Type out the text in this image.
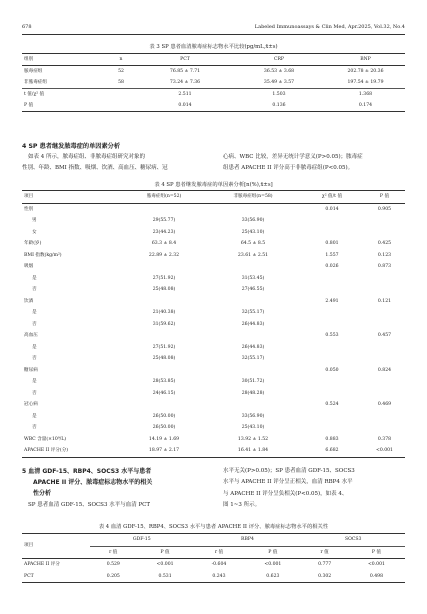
678	Labeled Immunoassays & Clin Med, Apr.2025, Vol.32, No.4
表 3 SP 患者血清脓毒症标志物水平比较(pg/mL,x̄±s)
组别	n	PCT	CRP	BNP
脓毒症组	52	76.85 ± 7.71	36.53 ± 3.68	202.78 ± 20.36
非脓毒症组	58	73.24 ± 7.36	35.49 ± 3.57	197.54 ± 19.79
t 值/χ² 值		2.511	1.503	1.368
P 值		0.014	0.136	0.174
4 SP 患者继发脓毒症的单因素分析
如表 4 所示，脓毒症组、非脓毒症组研究对象的
性别、年龄、BMI 指数、吸烟、饮酒、高血压、糖尿病、冠
心病、WBC 比较，差异无统计学意义(P>0.05)；脓毒症
组患者 APACHE II 评分高于非脓毒症组(P<0.05)。
表 4 SP 患者继发脓毒症的单因素分析[n(%),x̄±s]
项目	脓毒症组(n=52)	非脓毒症组(n=58)	χ² 值/t 值	P 值
性别			0.014	0.905
男	29(55.77)	33(56.90)		
女	23(44.23)	25(43.10)		
年龄(岁)	63.3 ± 8.4	64.5 ± 8.5	0.801	0.425
BMI 指数(kg/m²)	22.89 ± 2.32	23.61 ± 2.51	1.557	0.123
吸烟			0.026	0.873
是	27(51.92)	31(53.45)		
否	25(48.08)	27(46.55)		
饮酒			2.491	0.121
是	21(40.38)	32(55.17)		
否	31(59.62)	26(44.83)		
高血压			0.553	0.457
是	27(51.92)	26(44.83)		
否	25(48.08)	32(55.17)		
糖尿病			0.050	0.824
是	28(53.85)	30(51.72)		
否	24(46.15)	28(48.28)		
冠心病			0.524	0.469
是	26(50.00)	33(56.90)		
否	26(50.00)	25(43.10)		
WBC 含量(×10⁹/L)	14.19 ± 1.69	13.92 ± 1.52	0.883	0.378
APACHE II 评分(分)	18.97 ± 2.17	16.41 ± 1.84	6.682	<0.001
5 血清 GDF-15、RBP4、SOCS3 水平与患者
APACHE II 评分、脓毒症标志物水平的相关
性分析
SP 患者血清 GDF-15、SOCS3 水平与血清 PCT
水平无关(P>0.05)；SP 患者血清 GDF-15、SOCS3
水平与 APACHE II 评分呈正相关，血清 RBP4 水平
与 APACHE II 评分呈负相关(P<0.05)，如表 4、
图 1~3 所示。
表 4 血清 GDF-15、RBP4、SOCS3 水平与患者 APACHE II 评分、脓毒症标志物水平的相关性
项目	GDF-15		RBP4		SOCS3	
	r 值	P 值	r 值	P 值	r 值	P 值
APACHE II 评分	0.529	<0.001	-0.604	<0.001	0.777	<0.001
PCT	0.205	0.531	0.243	0.623	0.302	0.498
